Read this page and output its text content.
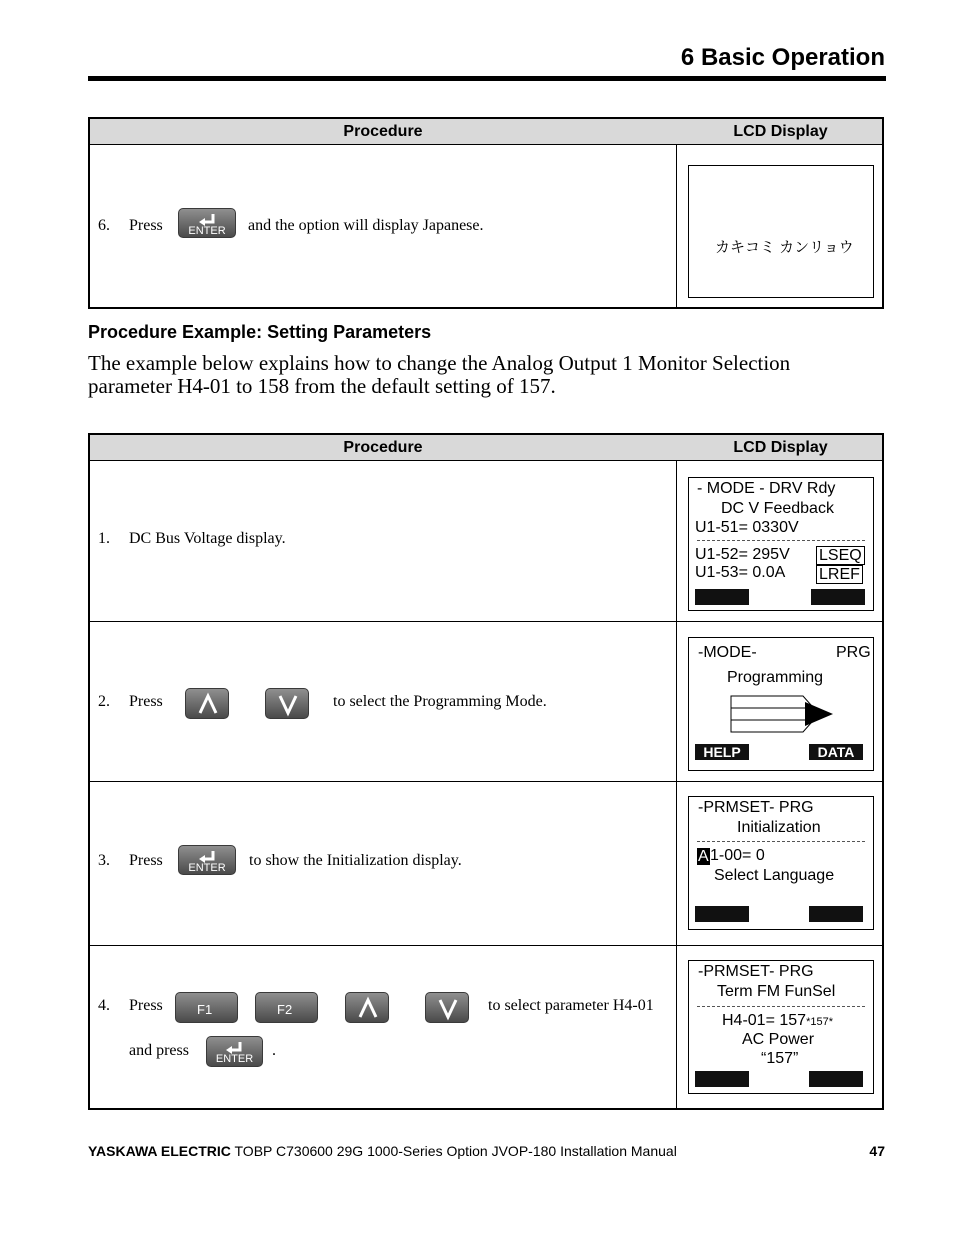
6 Basic Operation
Procedure	LCD Display
6. Press	ENTER	and the option will display Japanese.
カキコミ カンリョウ
Procedure Example: Setting Parameters
The example below explains how to change the Analog Output 1 Monitor Selection parameter H4-01 to 158 from the default setting of 157.
Procedure	LCD Display
1. DC Bus Voltage display.
- MODE - DRV Rdy
DC V Feedback
U1-51= 0330V
U1-52= 295V
U1-53= 0.0A
LSEQ
LREF
2. Press	to select the Programming Mode.
-MODE-	PRG
Programming
HELP	DATA
3. Press	ENTER	to show the Initialization display.
-PRMSET- PRG
Initialization
A 1-00= 0
Select Language
4. Press	F1	F2	to select parameter H4-01
and press	ENTER	.
-PRMSET- PRG
Term FM FunSel
H4-01= 157*157*
AC Power
“157”
YASKAWA ELECTRIC TOBP C730600 29G 1000-Series Option JVOP-180 Installation Manual	47
